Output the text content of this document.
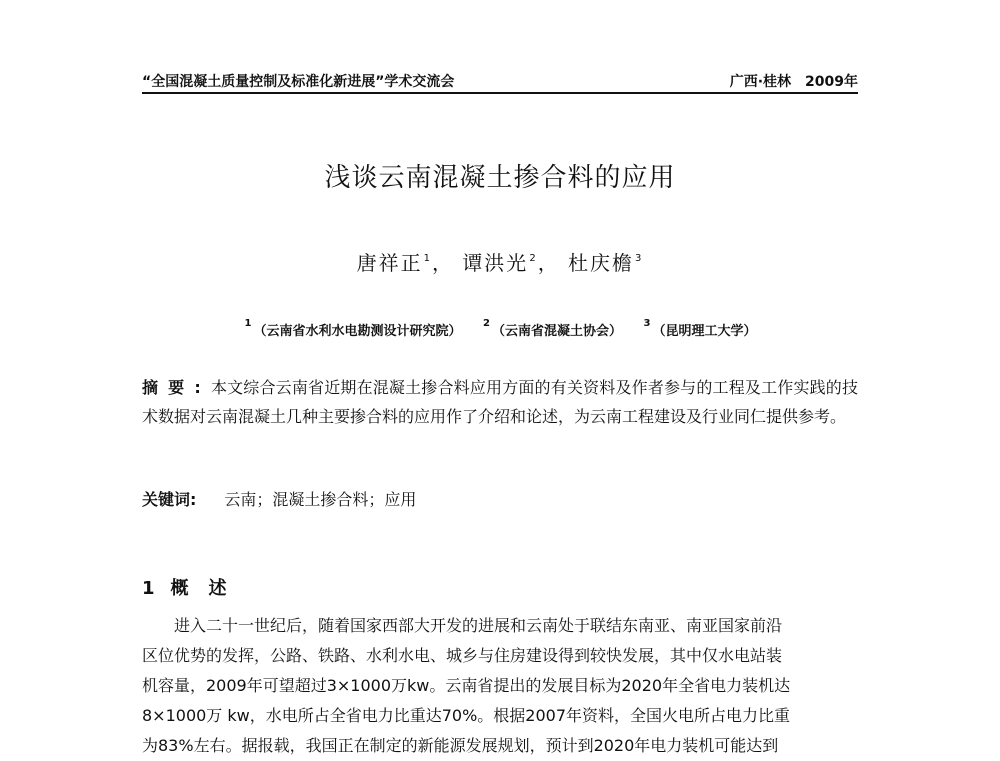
“全国混凝土质量控制及标准化新进展”学术交流会	广西·桂林　2009年
浅谈云南混凝土掺合料的应用
唐祥正$^1$ ， 谭洪光$^2$ ， 杜庆檐$^3$
$^1$（云南省水利水电勘测设计研究院） $^2$（云南省混凝土协会） $^3$（昆明理工大学）
摘要:本文综合云南省近期在混凝土掺合料应用方面的有关资料及作者参与的工程及工作实践的技术数据对云南混凝土几种主要掺合料的应用作了介绍和论述，为云南工程建设及行业同仁提供参考。
关键词: 云南；混凝土掺合料；应用
1 概述
　　进入二十一世纪后，随着国家西部大开发的进展和云南处于联结东南亚、南亚国家前沿
区位优势的发挥，公路、铁路、水利水电、城乡与住房建设得到较快发展，其中仅水电站装
机容量，2009年可望超过3×1000万kw。云南省提出的发展目标为2020年全省电力装机达
8×1000万 kw，水电所占全省电力比重达70%。根据2007年资料，全国火电所占电力比重
为83%左右。据报载，我国正在制定的新能源发展规划，预计到2020年电力装机可能达到
